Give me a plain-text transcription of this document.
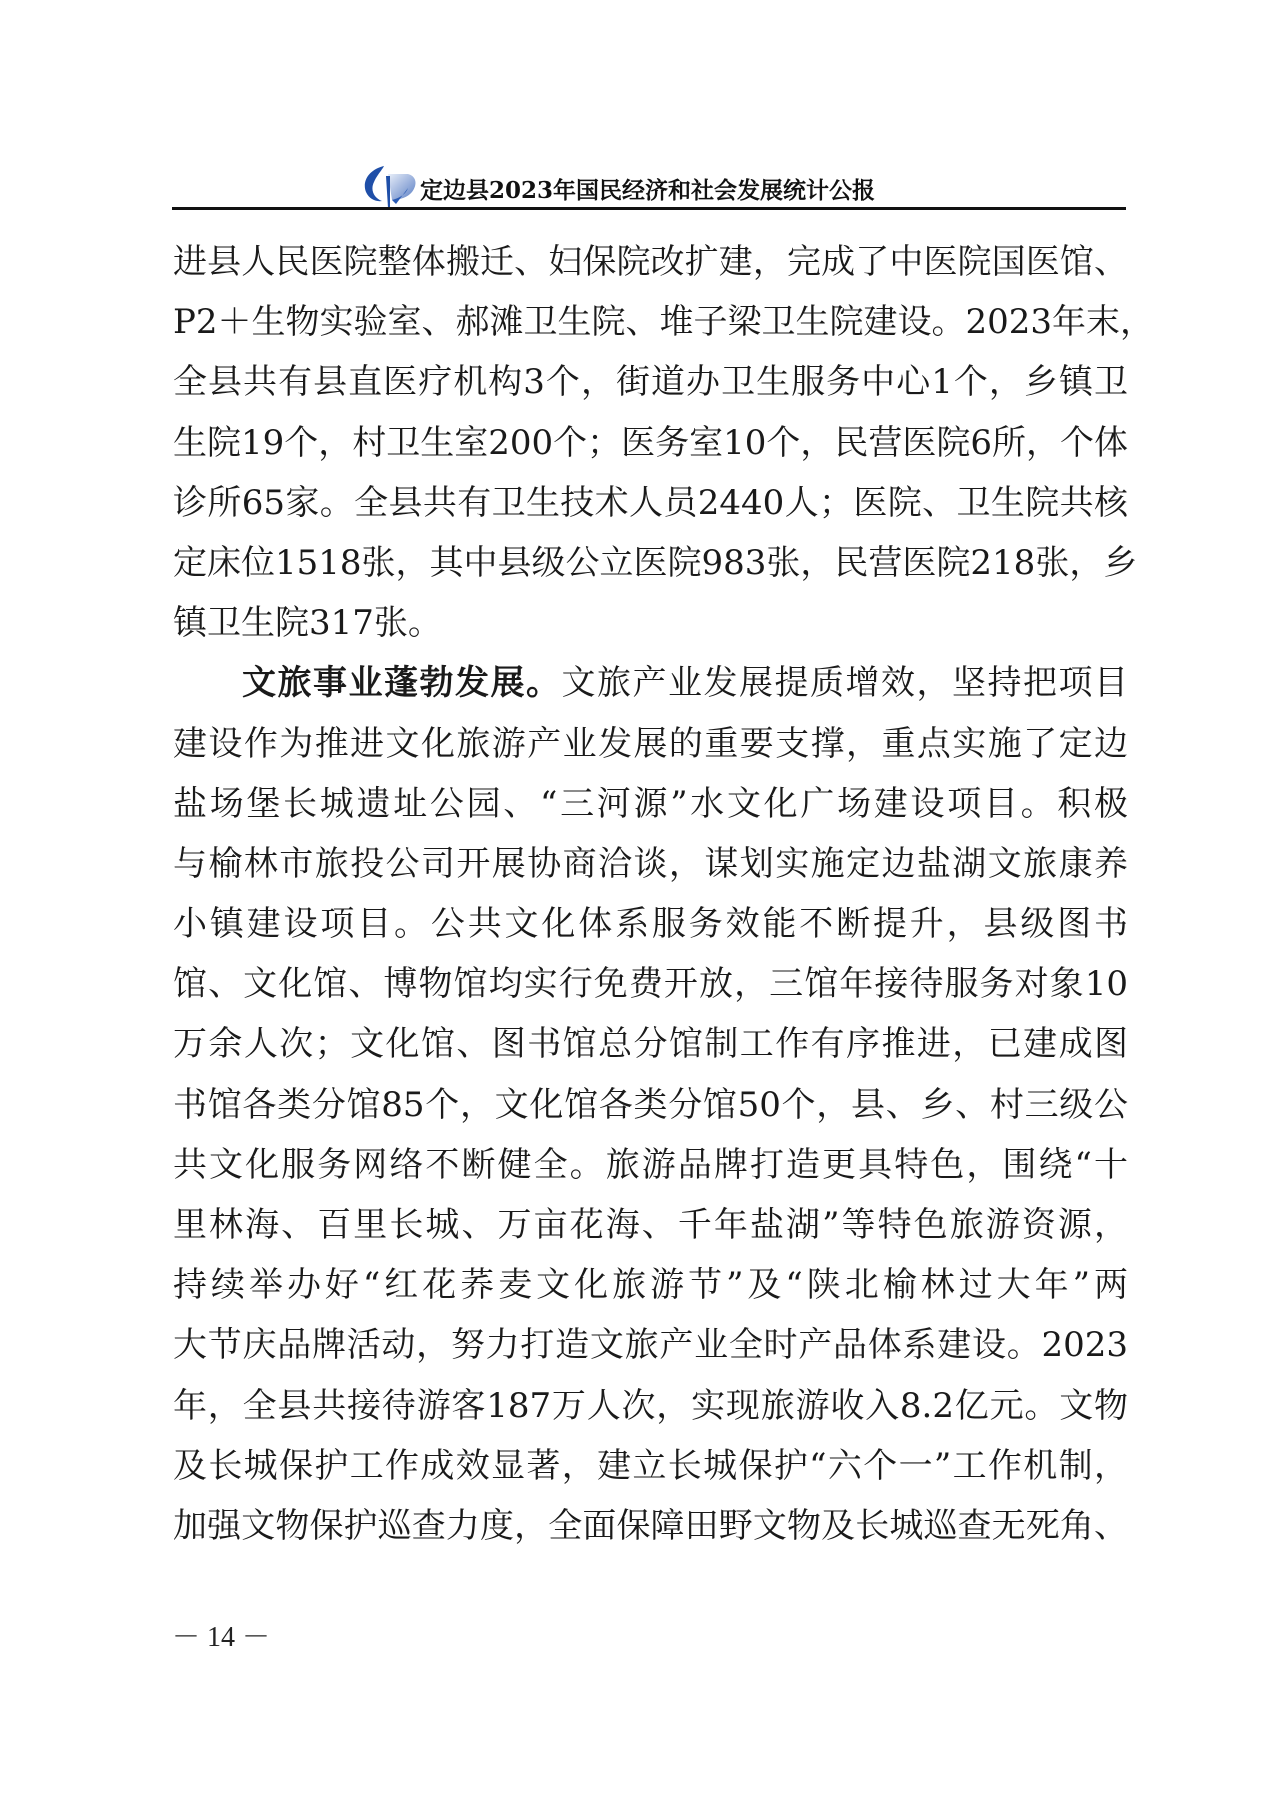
定边县2023年国民经济和社会发展统计公报
进县人民医院整体搬迁、妇保院改扩建，完成了中医院国医馆、
P2＋生物实验室、郝滩卫生院、堆子梁卫生院建设。2023年末，
全县共有县直医疗机构3个，街道办卫生服务中心1个，乡镇卫
生院19个，村卫生室200个；医务室10个，民营医院6所，个体
诊所65家。全县共有卫生技术人员2440人；医院、卫生院共核
定床位1518张，其中县级公立医院983张，民营医院218张，乡
镇卫生院317张。
文旅事业蓬勃发展。文旅产业发展提质增效，坚持把项目
建设作为推进文化旅游产业发展的重要支撑，重点实施了定边
盐场堡长城遗址公园、“三河源”水文化广场建设项目。积极
与榆林市旅投公司开展协商洽谈，谋划实施定边盐湖文旅康养
小镇建设项目。公共文化体系服务效能不断提升，县级图书
馆、文化馆、博物馆均实行免费开放，三馆年接待服务对象10
万余人次；文化馆、图书馆总分馆制工作有序推进，已建成图
书馆各类分馆85个，文化馆各类分馆50个，县、乡、村三级公
共文化服务网络不断健全。旅游品牌打造更具特色，围绕“十
里林海、百里长城、万亩花海、千年盐湖”等特色旅游资源，
持续举办好“红花荞麦文化旅游节”及“陕北榆林过大年”两
大节庆品牌活动，努力打造文旅产业全时产品体系建设。2023
年，全县共接待游客187万人次，实现旅游收入8.2亿元。文物
及长城保护工作成效显著，建立长城保护“六个一”工作机制，
加强文物保护巡查力度，全面保障田野文物及长城巡查无死角、
－ 14 －
